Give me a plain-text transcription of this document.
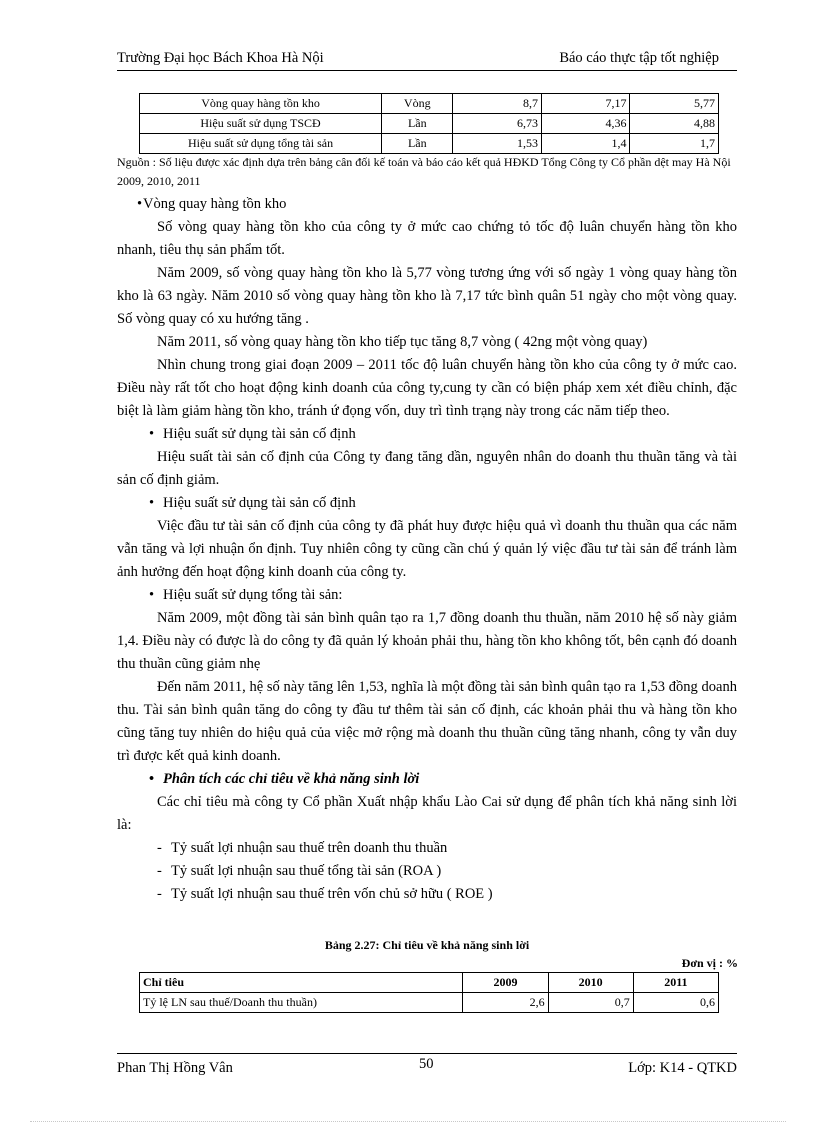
Trường Đại học Bách Khoa Hà Nội	Báo cáo thực tập tốt nghiệp
Vòng quay hàng tồn kho	Vòng	8,7	7,17	5,77
Hiệu suất sử dụng TSCĐ	Lần	6,73	4,36	4,88
Hiệu suất sử dụng tổng tài sản	Lần	1,53	1,4	1,7
Nguồn : Số liệu được xác định dựa trên bảng cân đối kế toán và báo cáo kết quả HĐKD Tổng Công ty Cổ phần dệt may Hà Nội 2009, 2010, 2011

• Vòng quay hàng tồn kho

Số vòng quay hàng tồn kho của công ty ở mức cao chứng tỏ tốc độ luân chuyển hàng tồn kho nhanh, tiêu thụ sản phẩm tốt.

Năm 2009, số vòng quay hàng tồn kho là 5,77 vòng tương ứng với số ngày 1 vòng quay hàng tồn kho là 63 ngày. Năm 2010 số vòng quay hàng tồn kho là 7,17 tức bình quân 51 ngày cho một vòng quay. Số vòng quay có xu hướng tăng .

Năm 2011, số vòng quay hàng tồn kho tiếp tục tăng 8,7 vòng ( 42ng một vòng quay)

Nhìn chung trong giai đoạn 2009 – 2011 tốc độ luân chuyển hàng tồn kho của công ty ở mức cao. Điều này rất tốt cho hoạt động kinh doanh của công ty,cung ty cần có biện pháp xem xét điều chỉnh, đặc biệt là làm giảm hàng tồn kho, tránh ứ đọng vốn, duy trì tình trạng này trong các năm tiếp theo.

• Hiệu suất sử dụng tài sản cố định

Hiệu suất tài sản cố định của Công ty đang tăng dần, nguyên nhân do doanh thu thuần tăng và tài sản cố định giảm.

• Hiệu suất sử dụng tài sản cố định

Việc đầu tư tài sản cố định của công ty đã phát huy được hiệu quả vì doanh thu thuần qua các năm vẫn tăng và lợi nhuận ổn định. Tuy nhiên công ty cũng cần chú ý quản lý việc đầu tư tài sản để tránh làm ảnh hưởng đến hoạt động kinh doanh của công ty.

• Hiệu suất sử dụng tổng tài sản:

Năm 2009, một đồng tài sản bình quân tạo ra 1,7 đồng doanh thu thuần, năm 2010 hệ số này giảm 1,4. Điều này có được là do công ty đã quản lý khoản phải thu, hàng tồn kho không tốt, bên cạnh đó doanh thu thuần cũng giảm nhẹ

Đến năm 2011, hệ số này tăng lên 1,53, nghĩa là một đồng tài sản bình quân tạo ra 1,53 đồng doanh thu. Tài sản bình quân tăng do công ty đầu tư thêm tài sản cố định, các khoản phải thu và hàng tồn kho cũng tăng tuy nhiên do hiệu quả của việc mở rộng mà doanh thu thuần cũng tăng nhanh, công ty vẫn duy trì được kết quả kinh doanh.

• Phân tích các chỉ tiêu về khả năng sinh lời

Các chỉ tiêu mà công ty Cổ phần Xuất nhập khẩu Lào Cai sử dụng để phân tích khả năng sinh lời là:

- Tỷ suất lợi nhuận sau thuế trên doanh thu thuần

- Tỷ suất lợi nhuận sau thuế tổng tài sản (ROA )

- Tỷ suất lợi nhuận sau thuế trên vốn chủ sở hữu ( ROE )

Bảng 2.27: Chỉ tiêu về khả năng sinh lời
Đơn vị : %
Chỉ tiêu	2009	2010	2011
Tỷ lệ LN sau thuế/Doanh thu thuần)	2,6	0,7	0,6
Phan Thị Hồng Vân	50	Lớp: K14 - QTKD
